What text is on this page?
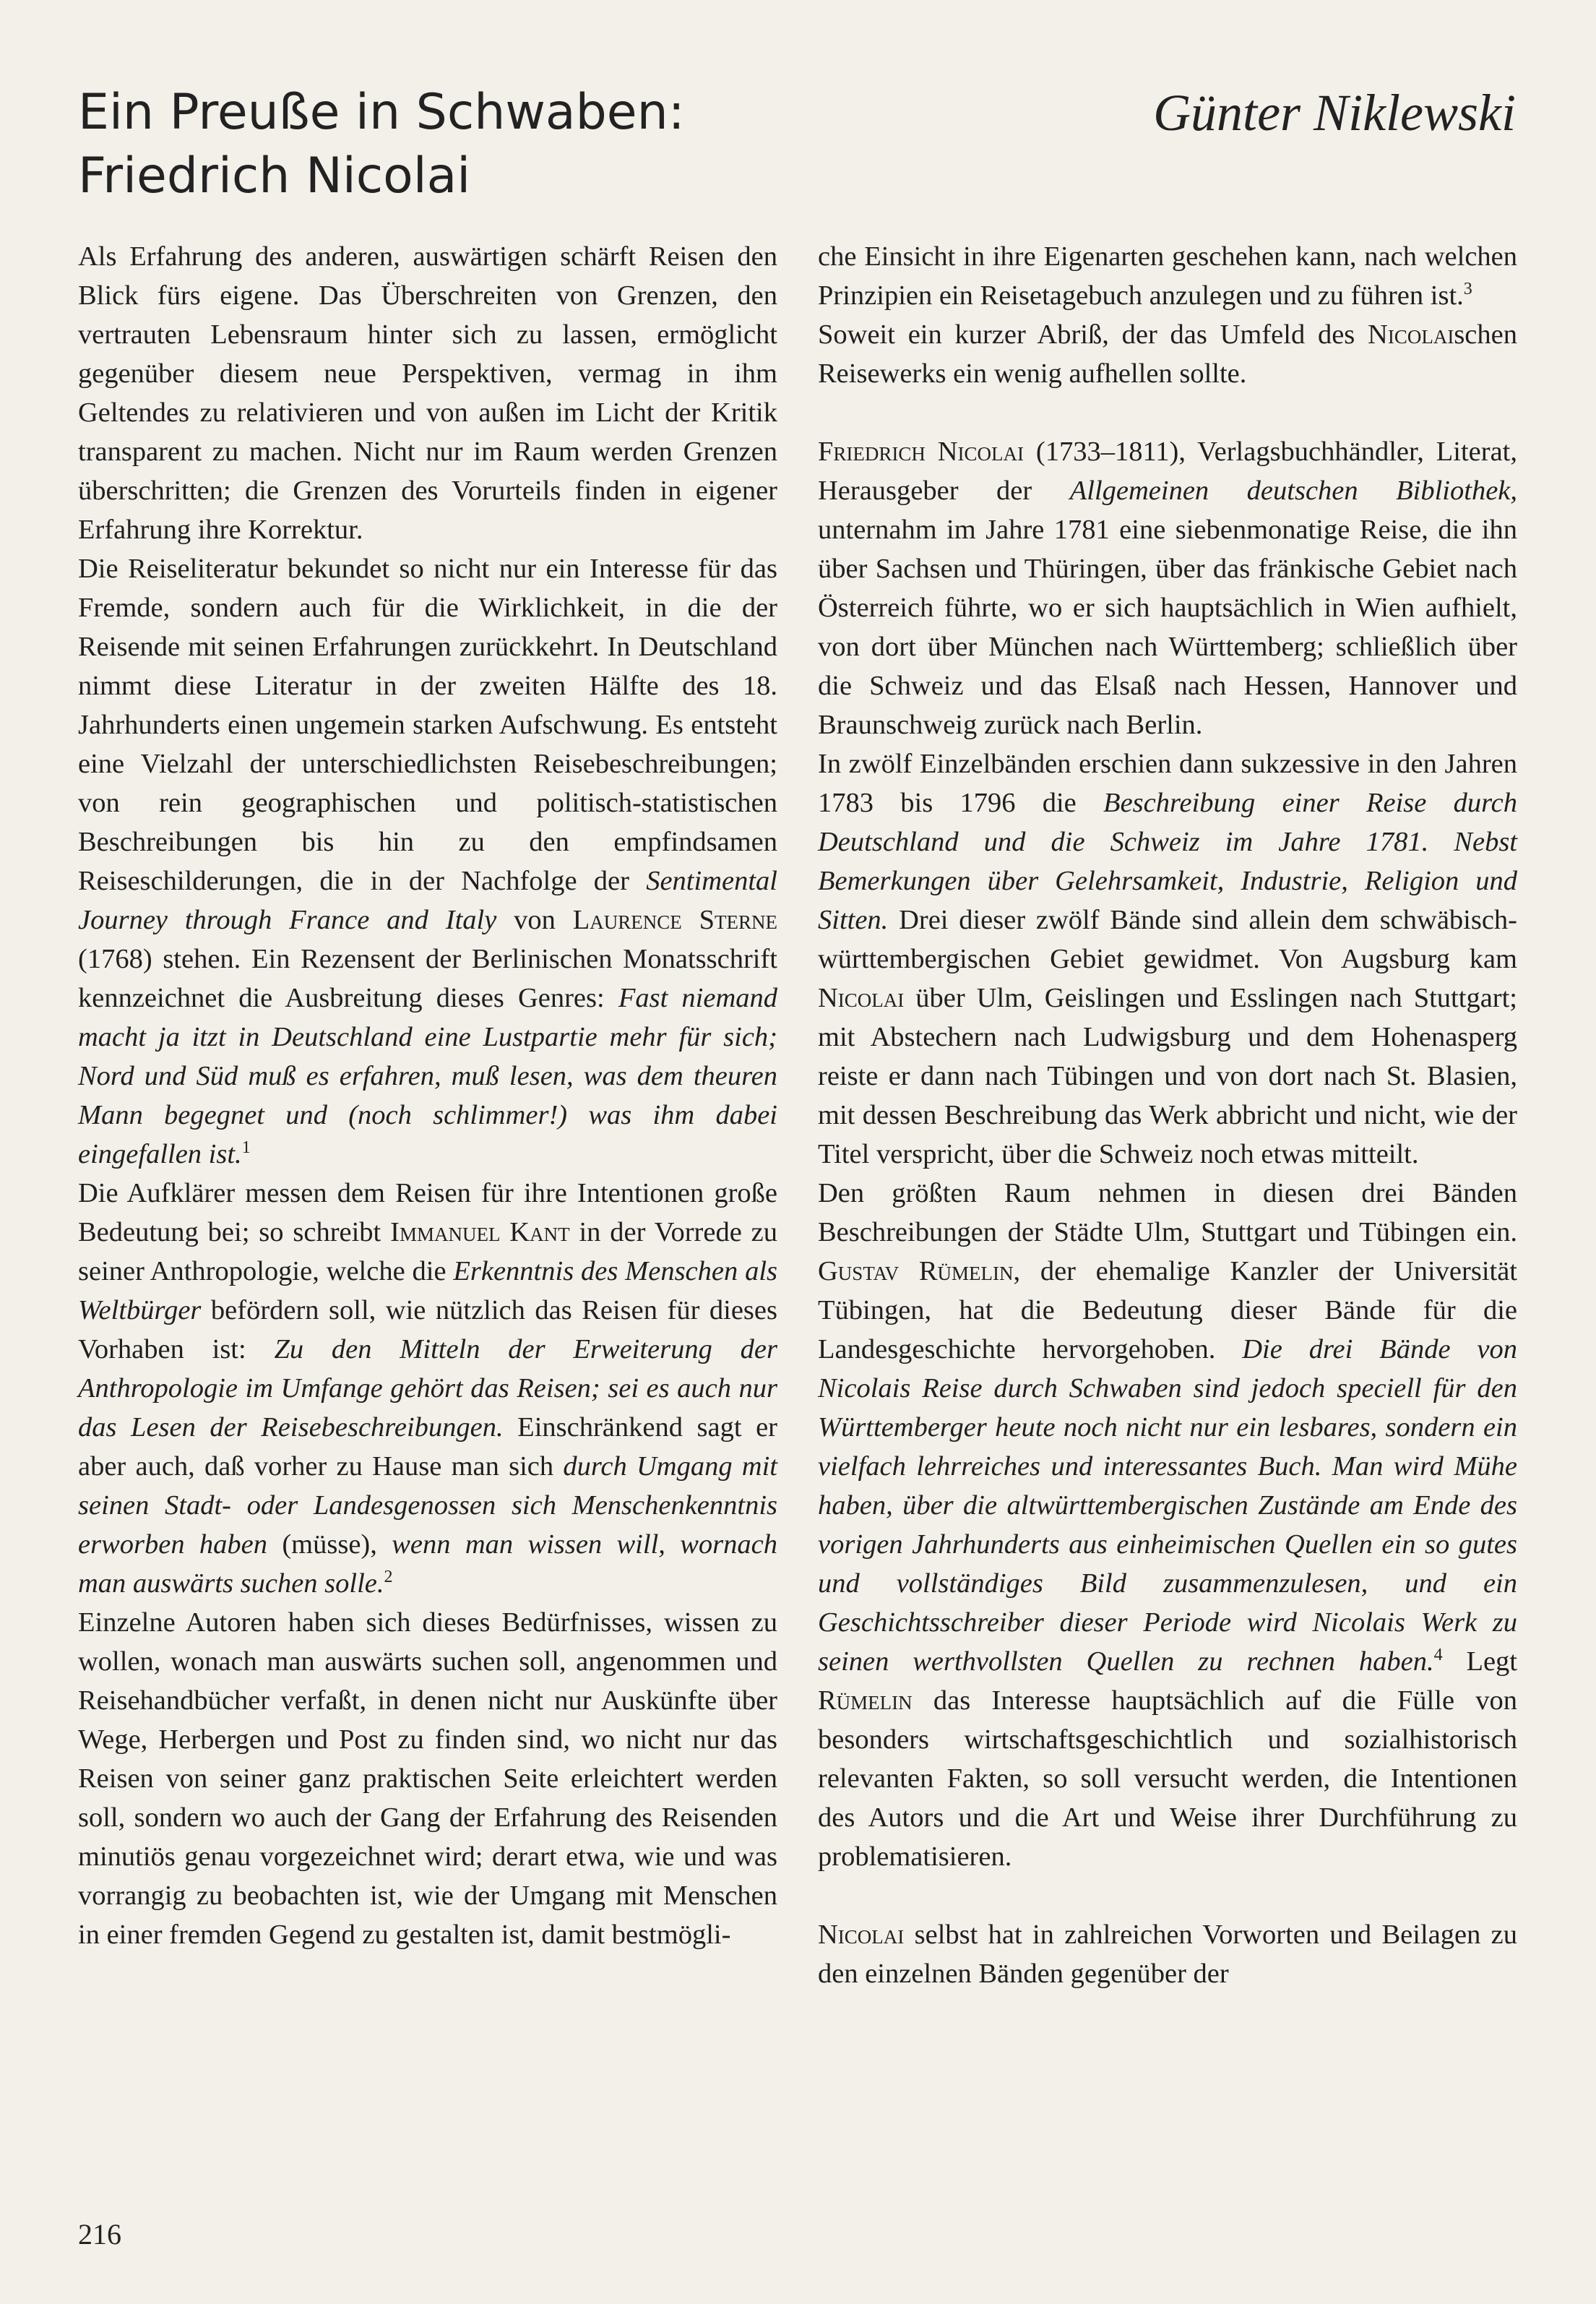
Ein Preuße in Schwaben:
Friedrich Nicolai
Günter Niklewski

Als Erfahrung des anderen, auswärtigen schärft Reisen den Blick fürs eigene. Das Überschreiten von Grenzen, den vertrauten Lebensraum hinter sich zu lassen, ermöglicht gegenüber diesem neue Perspektiven, vermag in ihm Geltendes zu relativieren und von außen im Licht der Kritik transparent zu machen. Nicht nur im Raum werden Grenzen überschritten; die Grenzen des Vorurteils finden in eigener Erfahrung ihre Korrektur.

Die Reiseliteratur bekundet so nicht nur ein Interesse für das Fremde, sondern auch für die Wirklichkeit, in die der Reisende mit seinen Erfahrungen zurückkehrt. In Deutschland nimmt diese Literatur in der zweiten Hälfte des 18. Jahrhunderts einen ungemein starken Aufschwung. Es entsteht eine Vielzahl der unterschiedlichsten Reisebeschreibungen; von rein geographischen und politisch-statistischen Beschreibungen bis hin zu den empfindsamen Reiseschilderungen, die in der Nachfolge der Sentimental Journey through France and Italy von Laurence Sterne (1768) stehen. Ein Rezensent der Berlinischen Monatsschrift kennzeichnet die Ausbreitung dieses Genres: Fast niemand macht ja itzt in Deutschland eine Lustpartie mehr für sich; Nord und Süd muß es erfahren, muß lesen, was dem theuren Mann begegnet und (noch schlimmer!) was ihm dabei eingefallen ist.$^1$

Die Aufklärer messen dem Reisen für ihre Intentionen große Bedeutung bei; so schreibt Immanuel Kant in der Vorrede zu seiner Anthropologie, welche die Erkenntnis des Menschen als Weltbürger befördern soll, wie nützlich das Reisen für dieses Vorhaben ist: Zu den Mitteln der Erweiterung der Anthropologie im Umfange gehört das Reisen; sei es auch nur das Lesen der Reisebeschreibungen. Einschränkend sagt er aber auch, daß vorher zu Hause man sich durch Umgang mit seinen Stadt- oder Landesgenossen sich Menschenkenntnis erworben haben (müsse), wenn man wissen will, wornach man auswärts suchen solle.$^2$

Einzelne Autoren haben sich dieses Bedürfnisses, wissen zu wollen, wonach man auswärts suchen soll, angenommen und Reisehandbücher verfaßt, in denen nicht nur Auskünfte über Wege, Herbergen und Post zu finden sind, wo nicht nur das Reisen von seiner ganz praktischen Seite erleichtert werden soll, sondern wo auch der Gang der Erfahrung des Reisenden minutiös genau vorgezeichnet wird; derart etwa, wie und was vorrangig zu beobachten ist, wie der Umgang mit Menschen in einer fremden Gegend zu gestalten ist, damit bestmögli-

che Einsicht in ihre Eigenarten geschehen kann, nach welchen Prinzipien ein Reisetagebuch anzulegen und zu führen ist.$^3$

Soweit ein kurzer Abriß, der das Umfeld des Nicolaischen Reisewerks ein wenig aufhellen sollte.

Friedrich Nicolai (1733–1811), Verlagsbuchhändler, Literat, Herausgeber der Allgemeinen deutschen Bibliothek, unternahm im Jahre 1781 eine siebenmonatige Reise, die ihn über Sachsen und Thüringen, über das fränkische Gebiet nach Österreich führte, wo er sich hauptsächlich in Wien aufhielt, von dort über München nach Württemberg; schließlich über die Schweiz und das Elsaß nach Hessen, Hannover und Braunschweig zurück nach Berlin.

In zwölf Einzelbänden erschien dann sukzessive in den Jahren 1783 bis 1796 die Beschreibung einer Reise durch Deutschland und die Schweiz im Jahre 1781. Nebst Bemerkungen über Gelehrsamkeit, Industrie, Religion und Sitten. Drei dieser zwölf Bände sind allein dem schwäbisch-württembergischen Gebiet gewidmet. Von Augsburg kam Nicolai über Ulm, Geislingen und Esslingen nach Stuttgart; mit Abstechern nach Ludwigsburg und dem Hohenasperg reiste er dann nach Tübingen und von dort nach St. Blasien, mit dessen Beschreibung das Werk abbricht und nicht, wie der Titel verspricht, über die Schweiz noch etwas mitteilt.

Den größten Raum nehmen in diesen drei Bänden Beschreibungen der Städte Ulm, Stuttgart und Tübingen ein. Gustav Rümelin, der ehemalige Kanzler der Universität Tübingen, hat die Bedeutung dieser Bände für die Landesgeschichte hervorgehoben. Die drei Bände von Nicolais Reise durch Schwaben sind jedoch speciell für den Württemberger heute noch nicht nur ein lesbares, sondern ein vielfach lehrreiches und interessantes Buch. Man wird Mühe haben, über die altwürttembergischen Zustände am Ende des vorigen Jahrhunderts aus einheimischen Quellen ein so gutes und vollständiges Bild zusammenzulesen, und ein Geschichtsschreiber dieser Periode wird Nicolais Werk zu seinen werthvollsten Quellen zu rechnen haben.$^4$ Legt Rümelin das Interesse hauptsächlich auf die Fülle von besonders wirtschaftsgeschichtlich und sozialhistorisch relevanten Fakten, so soll versucht werden, die Intentionen des Autors und die Art und Weise ihrer Durchführung zu problematisieren.

Nicolai selbst hat in zahlreichen Vorworten und Beilagen zu den einzelnen Bänden gegenüber der

216
